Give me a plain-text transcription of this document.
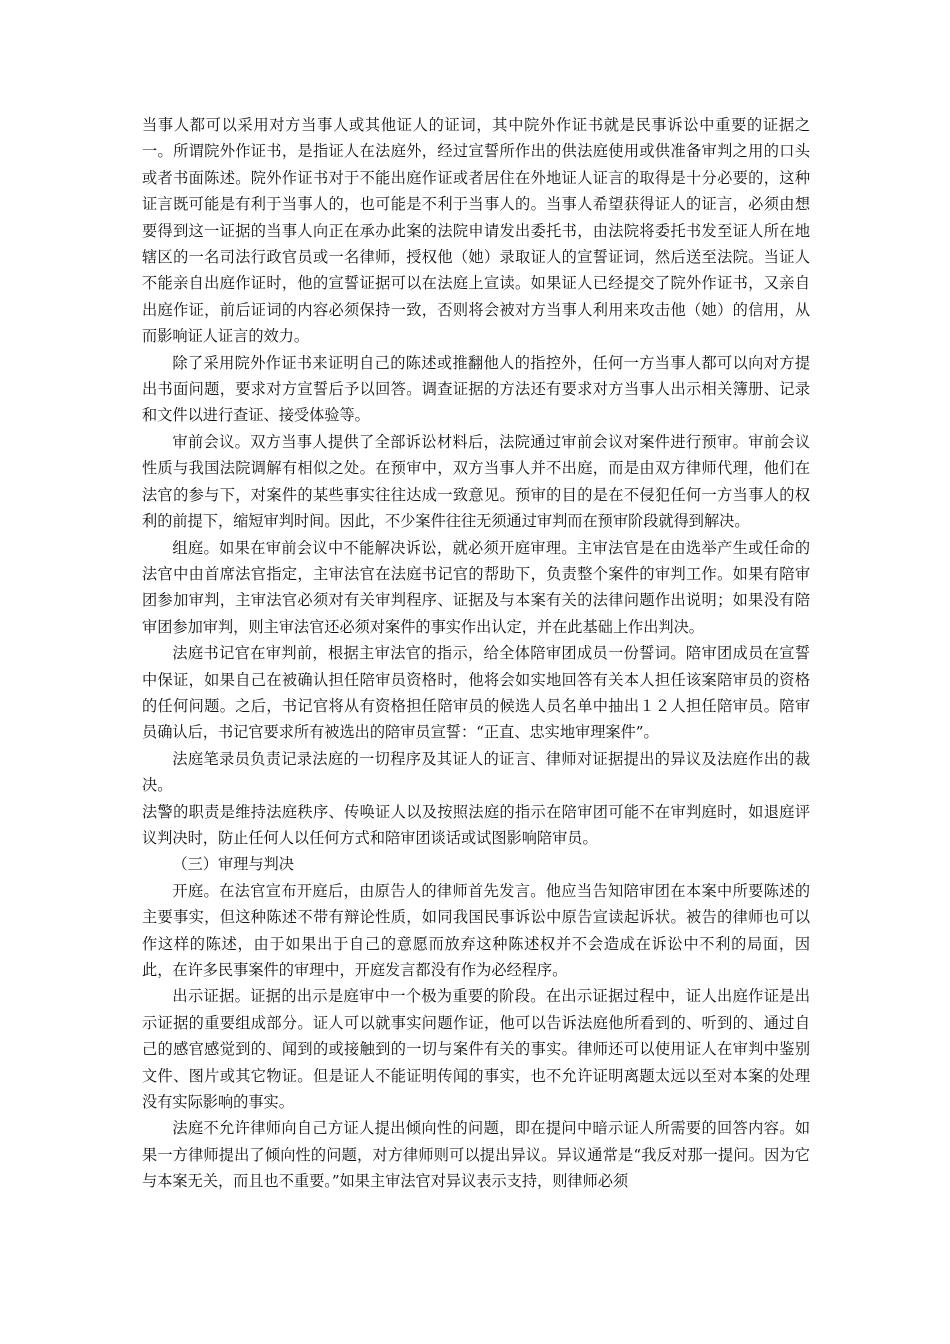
当事人都可以采用对方当事人或其他证人的证词，其中院外作证书就是民事诉讼中重要的证据之一。所谓院外作证书，是指证人在法庭外，经过宣誓所作出的供法庭使用或供准备审判之用的口头或者书面陈述。院外作证书对于不能出庭作证或者居住在外地证人证言的取得是十分必要的，这种证言既可能是有利于当事人的，也可能是不利于当事人的。当事人希望获得证人的证言，必须由想要得到这一证据的当事人向正在承办此案的法院申请发出委托书，由法院将委托书发至证人所在地辖区的一名司法行政官员或一名律师，授权他（她）录取证人的宣誓证词，然后送至法院。当证人不能亲自出庭作证时，他的宣誓证据可以在法庭上宣读。如果证人已经提交了院外作证书，又亲自出庭作证，前后证词的内容必须保持一致，否则将会被对方当事人利用来攻击他（她）的信用，从而影响证人证言的效力。

除了采用院外作证书来证明自己的陈述或推翻他人的指控外，任何一方当事人都可以向对方提出书面问题，要求对方宣誓后予以回答。调查证据的方法还有要求对方当事人出示相关簿册、记录和文件以进行查证、接受体验等。

审前会议。双方当事人提供了全部诉讼材料后，法院通过审前会议对案件进行预审。审前会议性质与我国法院调解有相似之处。在预审中，双方当事人并不出庭，而是由双方律师代理，他们在法官的参与下，对案件的某些事实往往达成一致意见。预审的目的是在不侵犯任何一方当事人的权利的前提下，缩短审判时间。因此，不少案件往往无须通过审判而在预审阶段就得到解决。

组庭。如果在审前会议中不能解决诉讼，就必须开庭审理。主审法官是在由选举产生或任命的法官中由首席法官指定，主审法官在法庭书记官的帮助下，负责整个案件的审判工作。如果有陪审团参加审判，主审法官必须对有关审判程序、证据及与本案有关的法律问题作出说明；如果没有陪审团参加审判，则主审法官还必须对案件的事实作出认定，并在此基础上作出判决。

法庭书记官在审判前，根据主审法官的指示，给全体陪审团成员一份誓词。陪审团成员在宣誓中保证，如果自己在被确认担任陪审员资格时，他将会如实地回答有关本人担任该案陪审员的资格的任何问题。之后，书记官将从有资格担任陪审员的候选人员名单中抽出１２人担任陪审员。陪审员确认后，书记官要求所有被选出的陪审员宣誓：“正直、忠实地审理案件”。

法庭笔录员负责记录法庭的一切程序及其证人的证言、律师对证据提出的异议及法庭作出的裁决。

法警的职责是维持法庭秩序、传唤证人以及按照法庭的指示在陪审团可能不在审判庭时，如退庭评议判决时，防止任何人以任何方式和陪审团谈话或试图影响陪审员。

（三）审理与判决

开庭。在法官宣布开庭后，由原告人的律师首先发言。他应当告知陪审团在本案中所要陈述的主要事实，但这种陈述不带有辩论性质，如同我国民事诉讼中原告宣读起诉状。被告的律师也可以作这样的陈述，由于如果出于自己的意愿而放弃这种陈述权并不会造成在诉讼中不利的局面，因此，在许多民事案件的审理中，开庭发言都没有作为必经程序。

出示证据。证据的出示是庭审中一个极为重要的阶段。在出示证据过程中，证人出庭作证是出示证据的重要组成部分。证人可以就事实问题作证，他可以告诉法庭他所看到的、听到的、通过自己的感官感觉到的、闻到的或接触到的一切与案件有关的事实。律师还可以使用证人在审判中鉴别文件、图片或其它物证。但是证人不能证明传闻的事实，也不允许证明离题太远以至对本案的处理没有实际影响的事实。

法庭不允许律师向自己方证人提出倾向性的问题，即在提问中暗示证人所需要的回答内容。如果一方律师提出了倾向性的问题，对方律师则可以提出异议。异议通常是“我反对那一提问。因为它与本案无关，而且也不重要。”如果主审法官对异议表示支持，则律师必须
